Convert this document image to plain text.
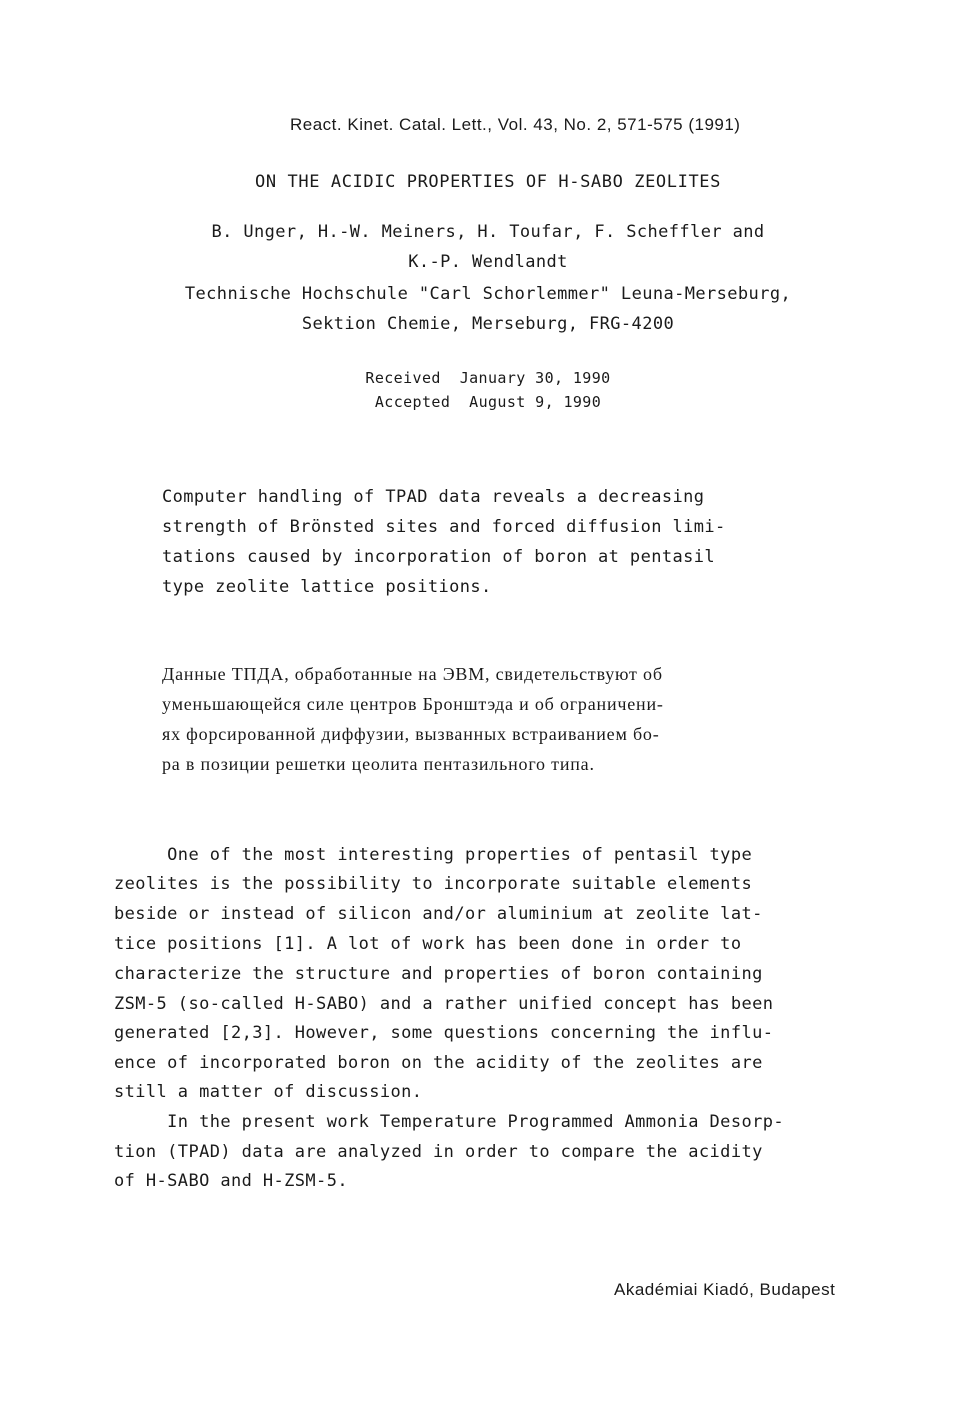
React. Kinet. Catal. Lett., Vol. 43, No. 2, 571-575 (1991)
ON THE ACIDIC PROPERTIES OF H-SABO ZEOLITES
B. Unger, H.-W. Meiners, H. Toufar, F. Scheffler and
K.-P. Wendlandt
Technische Hochschule "Carl Schorlemmer" Leuna-Merseburg,
Sektion Chemie, Merseburg, FRG-4200
Received  January 30, 1990
Accepted  August 9, 1990
Computer handling of TPAD data reveals a decreasing
strength of Brönsted sites and forced diffusion limi-
tations caused by incorporation of boron at pentasil
type zeolite lattice positions.
Данные ТПДА, обработанные на ЭВМ, свидетельствуют об
уменьшающейся силе центров Бронштэда и об ограничени-
ях форсированной диффузии, вызванных встраиванием бо-
ра в позиции решетки цеолита пентазильного типа.
One of the most interesting properties of pentasil type
zeolites is the possibility to incorporate suitable elements
beside or instead of silicon and/or aluminium at zeolite lat-
tice positions [1]. A lot of work has been done in order to
characterize the structure and properties of boron containing
ZSM-5 (so-called H-SABO) and a rather unified concept has been
generated [2,3]. However, some questions concerning the influ-
ence of incorporated boron on the acidity of the zeolites are
still a matter of discussion.
In the present work Temperature Programmed Ammonia Desorp-
tion (TPAD) data are analyzed in order to compare the acidity
of H-SABO and H-ZSM-5.
Akadémiai Kiadó, Budapest
